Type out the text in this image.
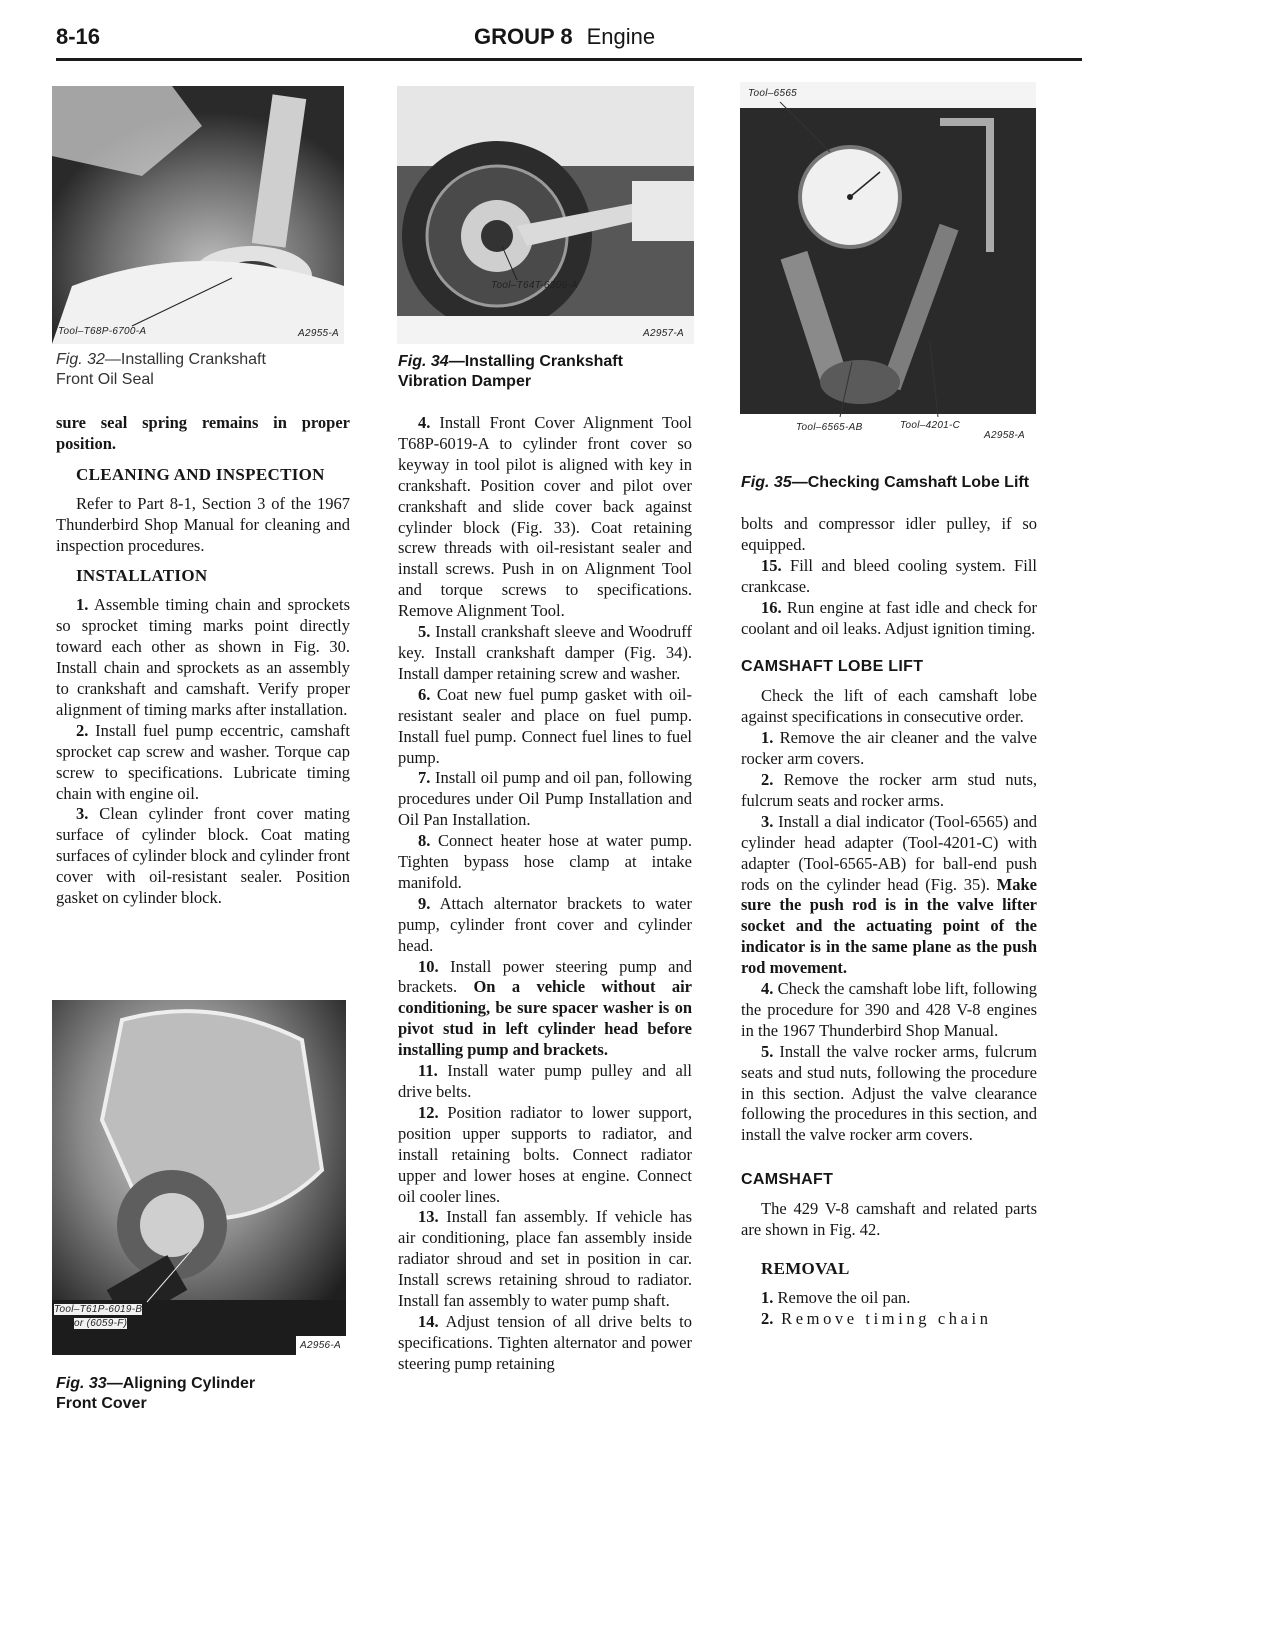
8-16	GROUP 8 Engine
Tool–T68P-6700-A	A2955-A
Fig. 32—Installing Crankshaft
Front Oil Seal
Tool–T64T-6306-A
A2957-A
Fig. 34—Installing Crankshaft
Vibration Damper
Tool–6565
Tool–6565-AB	Tool–4201-C
A2958-A
Fig. 35—Checking Camshaft Lobe Lift
Tool–T61P-6019-B
or (6059-F)
A2956-A
Fig. 33—Aligning Cylinder
Front Cover

sure seal spring remains in proper position.

CLEANING AND INSPECTION

Refer to Part 8-1, Section 3 of the 1967 Thunderbird Shop Manual for cleaning and inspection procedures.

INSTALLATION

1. Assemble timing chain and sprockets so sprocket timing marks point directly toward each other as shown in Fig. 30. Install chain and sprockets as an assembly to crankshaft and camshaft. Verify proper alignment of timing marks after installation.

2. Install fuel pump eccentric, camshaft sprocket cap screw and washer. Torque cap screw to specifications. Lubricate timing chain with engine oil.

3. Clean cylinder front cover mating surface of cylinder block. Coat mating surfaces of cylinder block and cylinder front cover with oil-resistant sealer. Position gasket on cylinder block.

4. Install Front Cover Alignment Tool T68P-6019-A to cylinder front cover so keyway in tool pilot is aligned with key in crankshaft. Position cover and pilot over crankshaft and slide cover back against cylinder block (Fig. 33). Coat retaining screw threads with oil-resistant sealer and install screws. Push in on Alignment Tool and torque screws to specifications. Remove Alignment Tool.

5. Install crankshaft sleeve and Woodruff key. Install crankshaft damper (Fig. 34). Install damper retaining screw and washer.

6. Coat new fuel pump gasket with oil-resistant sealer and place on fuel pump. Install fuel pump. Connect fuel lines to fuel pump.

7. Install oil pump and oil pan, following procedures under Oil Pump Installation and Oil Pan Installation.

8. Connect heater hose at water pump. Tighten bypass hose clamp at intake manifold.

9. Attach alternator brackets to water pump, cylinder front cover and cylinder head.

10. Install power steering pump and brackets. On a vehicle without air conditioning, be sure spacer washer is on pivot stud in left cylinder head before installing pump and brackets.

11. Install water pump pulley and all drive belts.

12. Position radiator to lower support, position upper supports to radiator, and install retaining bolts. Connect radiator upper and lower hoses at engine. Connect oil cooler lines.

13. Install fan assembly. If vehicle has air conditioning, place fan assembly inside radiator shroud and set in position in car. Install screws retaining shroud to radiator. Install fan assembly to water pump shaft.

14. Adjust tension of all drive belts to specifications. Tighten alternator and power steering pump retaining

bolts and compressor idler pulley, if so equipped.

15. Fill and bleed cooling system. Fill crankcase.

16. Run engine at fast idle and check for coolant and oil leaks. Adjust ignition timing.

CAMSHAFT LOBE LIFT

Check the lift of each camshaft lobe against specifications in consecutive order.

1. Remove the air cleaner and the valve rocker arm covers.

2. Remove the rocker arm stud nuts, fulcrum seats and rocker arms.

3. Install a dial indicator (Tool-6565) and cylinder head adapter (Tool-4201-C) with adapter (Tool-6565-AB) for ball-end push rods on the cylinder head (Fig. 35). Make sure the push rod is in the valve lifter socket and the actuating point of the indicator is in the same plane as the push rod movement.

4. Check the camshaft lobe lift, following the procedure for 390 and 428 V-8 engines in the 1967 Thunderbird Shop Manual.

5. Install the valve rocker arms, fulcrum seats and stud nuts, following the procedure in this section. Adjust the valve clearance following the procedures in this section, and install the valve rocker arm covers.

CAMSHAFT

The 429 V-8 camshaft and related parts are shown in Fig. 42.

REMOVAL

1. Remove the oil pan.

2. Remove timing chain
